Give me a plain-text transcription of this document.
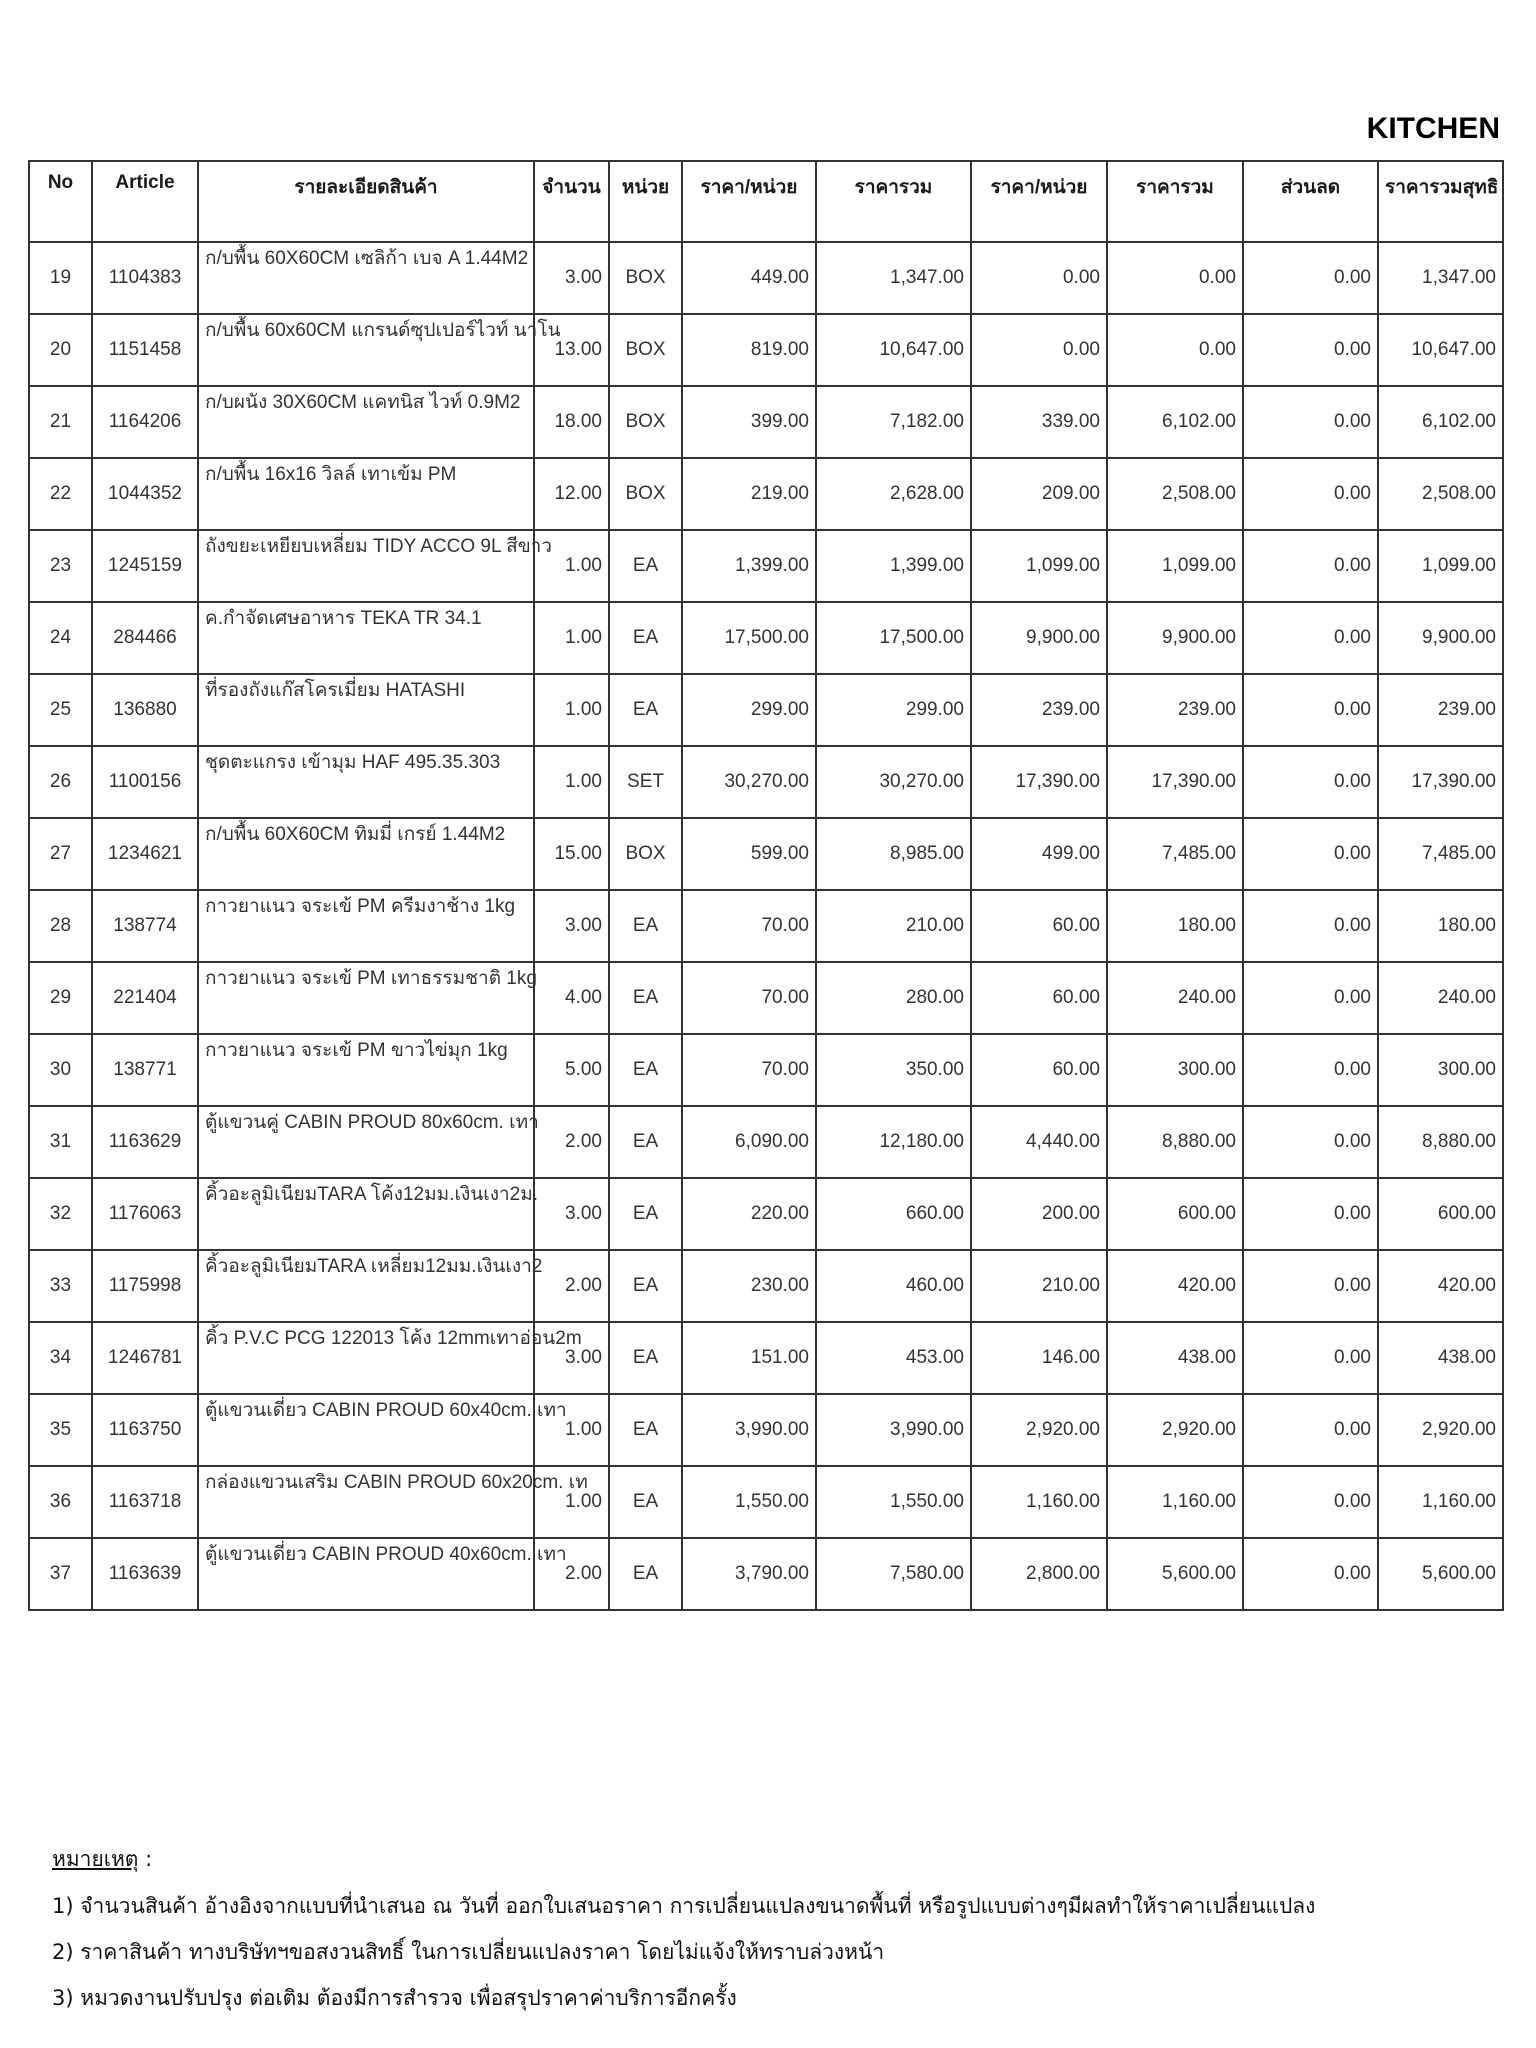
KITCHEN
No	Article	รายละเอียดสินค้า	จำนวน	หน่วย	ราคา/หน่วย	ราคารวม	ราคา/หน่วย	ราคารวม	ส่วนลด	ราคารวมสุทธิ
19	1104383	ก/บพื้น 60X60CM เซลิก้า เบจ A 1.44M2	3.00	BOX	449.00	1,347.00	0.00	0.00	0.00	1,347.00
20	1151458	ก/บพื้น 60x60CM แกรนด์ซุปเปอร์ไวท์ นาโน	13.00	BOX	819.00	10,647.00	0.00	0.00	0.00	10,647.00
21	1164206	ก/บผนัง 30X60CM แคทนิส ไวท์ 0.9M2	18.00	BOX	399.00	7,182.00	339.00	6,102.00	0.00	6,102.00
22	1044352	ก/บพื้น 16x16 วิลล์ เทาเข้ม PM	12.00	BOX	219.00	2,628.00	209.00	2,508.00	0.00	2,508.00
23	1245159	ถังขยะเหยียบเหลี่ยม TIDY ACCO 9L สีขาว	1.00	EA	1,399.00	1,399.00	1,099.00	1,099.00	0.00	1,099.00
24	284466	ค.กำจัดเศษอาหาร TEKA TR 34.1	1.00	EA	17,500.00	17,500.00	9,900.00	9,900.00	0.00	9,900.00
25	136880	ที่รองถังแก๊สโครเมี่ยม HATASHI	1.00	EA	299.00	299.00	239.00	239.00	0.00	239.00
26	1100156	ชุดตะแกรง เข้ามุม HAF 495.35.303	1.00	SET	30,270.00	30,270.00	17,390.00	17,390.00	0.00	17,390.00
27	1234621	ก/บพื้น 60X60CM ทิมมี่ เกรย์ 1.44M2	15.00	BOX	599.00	8,985.00	499.00	7,485.00	0.00	7,485.00
28	138774	กาวยาแนว จระเข้ PM ครีมงาช้าง 1kg	3.00	EA	70.00	210.00	60.00	180.00	0.00	180.00
29	221404	กาวยาแนว จระเข้ PM เทาธรรมชาติ 1kg	4.00	EA	70.00	280.00	60.00	240.00	0.00	240.00
30	138771	กาวยาแนว จระเข้ PM ขาวไข่มุก 1kg	5.00	EA	70.00	350.00	60.00	300.00	0.00	300.00
31	1163629	ตู้แขวนคู่ CABIN PROUD 80x60cm. เทา	2.00	EA	6,090.00	12,180.00	4,440.00	8,880.00	0.00	8,880.00
32	1176063	คิ้วอะลูมิเนียมTARA โค้ง12มม.เงินเงา2ม.	3.00	EA	220.00	660.00	200.00	600.00	0.00	600.00
33	1175998	คิ้วอะลูมิเนียมTARA เหลี่ยม12มม.เงินเงา2	2.00	EA	230.00	460.00	210.00	420.00	0.00	420.00
34	1246781	คิ้ว P.V.C PCG 122013 โค้ง 12mmเทาอ่อน2m	3.00	EA	151.00	453.00	146.00	438.00	0.00	438.00
35	1163750	ตู้แขวนเดี่ยว CABIN PROUD 60x40cm. เทา	1.00	EA	3,990.00	3,990.00	2,920.00	2,920.00	0.00	2,920.00
36	1163718	กล่องแขวนเสริม CABIN PROUD 60x20cm. เท	1.00	EA	1,550.00	1,550.00	1,160.00	1,160.00	0.00	1,160.00
37	1163639	ตู้แขวนเดี่ยว CABIN PROUD 40x60cm. เทา	2.00	EA	3,790.00	7,580.00	2,800.00	5,600.00	0.00	5,600.00
หมายเหตุ :
1) จำนวนสินค้า อ้างอิงจากแบบที่นำเสนอ ณ วันที่ ออกใบเสนอราคา การเปลี่ยนแปลงขนาดพื้นที่ หรือรูปแบบต่างๆมีผลทำให้ราคาเปลี่ยนแปลง
2) ราคาสินค้า ทางบริษัทฯขอสงวนสิทธิ์ ในการเปลี่ยนแปลงราคา โดยไม่แจ้งให้ทราบล่วงหน้า
3) หมวดงานปรับปรุง ต่อเติม ต้องมีการสำรวจ เพื่อสรุปราคาค่าบริการอีกครั้ง
